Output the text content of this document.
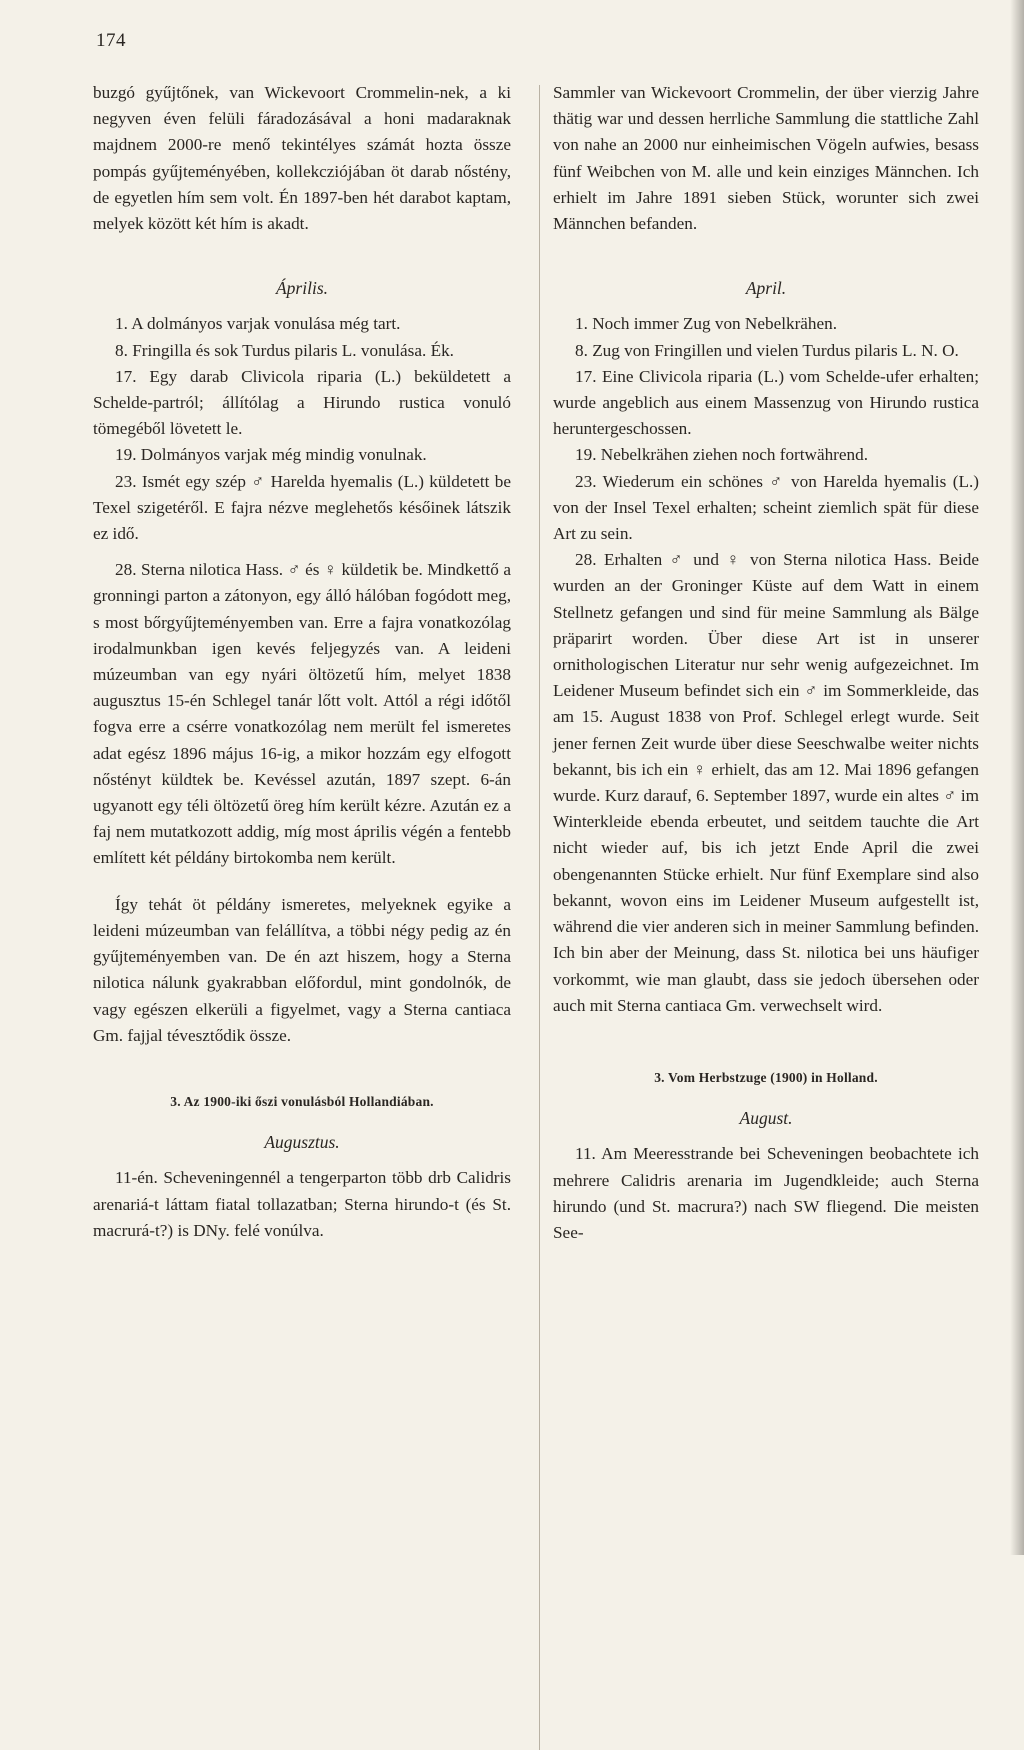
174

buzgó gyűjtőnek, van Wickevoort Crommelin-nek, a ki negyven éven felüli fáradozásával a honi madaraknak majdnem 2000-re menő tekintélyes számát hozta össze pompás gyűjteményében, kollekcziójában öt darab nőstény, de egyetlen hím sem volt. Én 1897-ben hét darabot kaptam, melyek között két hím is akadt.

Április.

1. A dolmányos varjak vonulása még tart.

8. Fringilla és sok Turdus pilaris L. vonulása. Ék.

17. Egy darab Clivicola riparia (L.) beküldetett a Schelde-partról; állítólag a Hirundo rustica vonuló tömegéből lövetett le.

19. Dolmányos varjak még mindig vonulnak.

23. Ismét egy szép ♂ Harelda hyemalis (L.) küldetett be Texel szigetéről. E fajra nézve meglehetős későinek látszik ez idő.

28. Sterna nilotica Hass. ♂ és ♀ küldetik be. Mindkettő a gronningi parton a zátonyon, egy álló hálóban fogódott meg, s most bőrgyűjteményemben van. Erre a fajra vonatkozólag irodalmunkban igen kevés feljegyzés van. A leideni múzeumban van egy nyári öltözetű hím, melyet 1838 augusztus 15-én Schlegel tanár lőtt volt. Attól a régi időtől fogva erre a csérre vonatkozólag nem merült fel ismeretes adat egész 1896 május 16-ig, a mikor hozzám egy elfogott nőstényt küldtek be. Kevéssel azután, 1897 szept. 6-án ugyanott egy téli öltözetű öreg hím került kézre. Azután ez a faj nem mutatkozott addig, míg most április végén a fentebb említett két példány birtokomba nem került.

Így tehát öt példány ismeretes, melyeknek egyike a leideni múzeumban van felállítva, a többi négy pedig az én gyűjteményemben van. De én azt hiszem, hogy a Sterna nilotica nálunk gyakrabban előfordul, mint gondolnók, de vagy egészen elkerüli a figyelmet, vagy a Sterna cantiaca Gm. fajjal tévesztődik össze.

3. Az 1900-iki őszi vonulásból Hollandiában.
Augusztus.

11-én. Scheveningennél a tengerparton több drb Calidris arenariá-t láttam fiatal tollazatban; Sterna hirundo-t (és St. macrurá-t?) is DNy. felé vonúlva.

Sammler van Wickevoort Crommelin, der über vierzig Jahre thätig war und dessen herrliche Sammlung die stattliche Zahl von nahe an 2000 nur einheimischen Vögeln aufwies, besass fünf Weibchen von M. alle und kein einziges Männchen. Ich erhielt im Jahre 1891 sieben Stück, worunter sich zwei Männchen befanden.

April.

1. Noch immer Zug von Nebelkrähen.

8. Zug von Fringillen und vielen Turdus pilaris L. N. O.

17. Eine Clivicola riparia (L.) vom Schelde-ufer erhalten; wurde angeblich aus einem Massenzug von Hirundo rustica heruntergeschossen.

19. Nebelkrähen ziehen noch fortwährend.

23. Wiederum ein schönes ♂ von Harelda hyemalis (L.) von der Insel Texel erhalten; scheint ziemlich spät für diese Art zu sein.

28. Erhalten ♂ und ♀ von Sterna nilotica Hass. Beide wurden an der Groninger Küste auf dem Watt in einem Stellnetz gefangen und sind für meine Sammlung als Bälge präparirt worden. Über diese Art ist in unserer ornithologischen Literatur nur sehr wenig aufgezeichnet. Im Leidener Museum befindet sich ein ♂ im Sommerkleide, das am 15. August 1838 von Prof. Schlegel erlegt wurde. Seit jener fernen Zeit wurde über diese Seeschwalbe weiter nichts bekannt, bis ich ein ♀ erhielt, das am 12. Mai 1896 gefangen wurde. Kurz darauf, 6. September 1897, wurde ein altes ♂ im Winterkleide ebenda erbeutet, und seitdem tauchte die Art nicht wieder auf, bis ich jetzt Ende April die zwei obengenannten Stücke erhielt. Nur fünf Exemplare sind also bekannt, wovon eins im Leidener Museum aufgestellt ist, während die vier anderen sich in meiner Sammlung befinden. Ich bin aber der Meinung, dass St. nilotica bei uns häufiger vorkommt, wie man glaubt, dass sie jedoch übersehen oder auch mit Sterna cantiaca Gm. verwechselt wird.

3. Vom Herbstzuge (1900) in Holland.
August.

11. Am Meeresstrande bei Scheveningen beobachtete ich mehrere Calidris arenaria im Jugendkleide; auch Sterna hirundo (und St. macrura?) nach SW fliegend. Die meisten See-
